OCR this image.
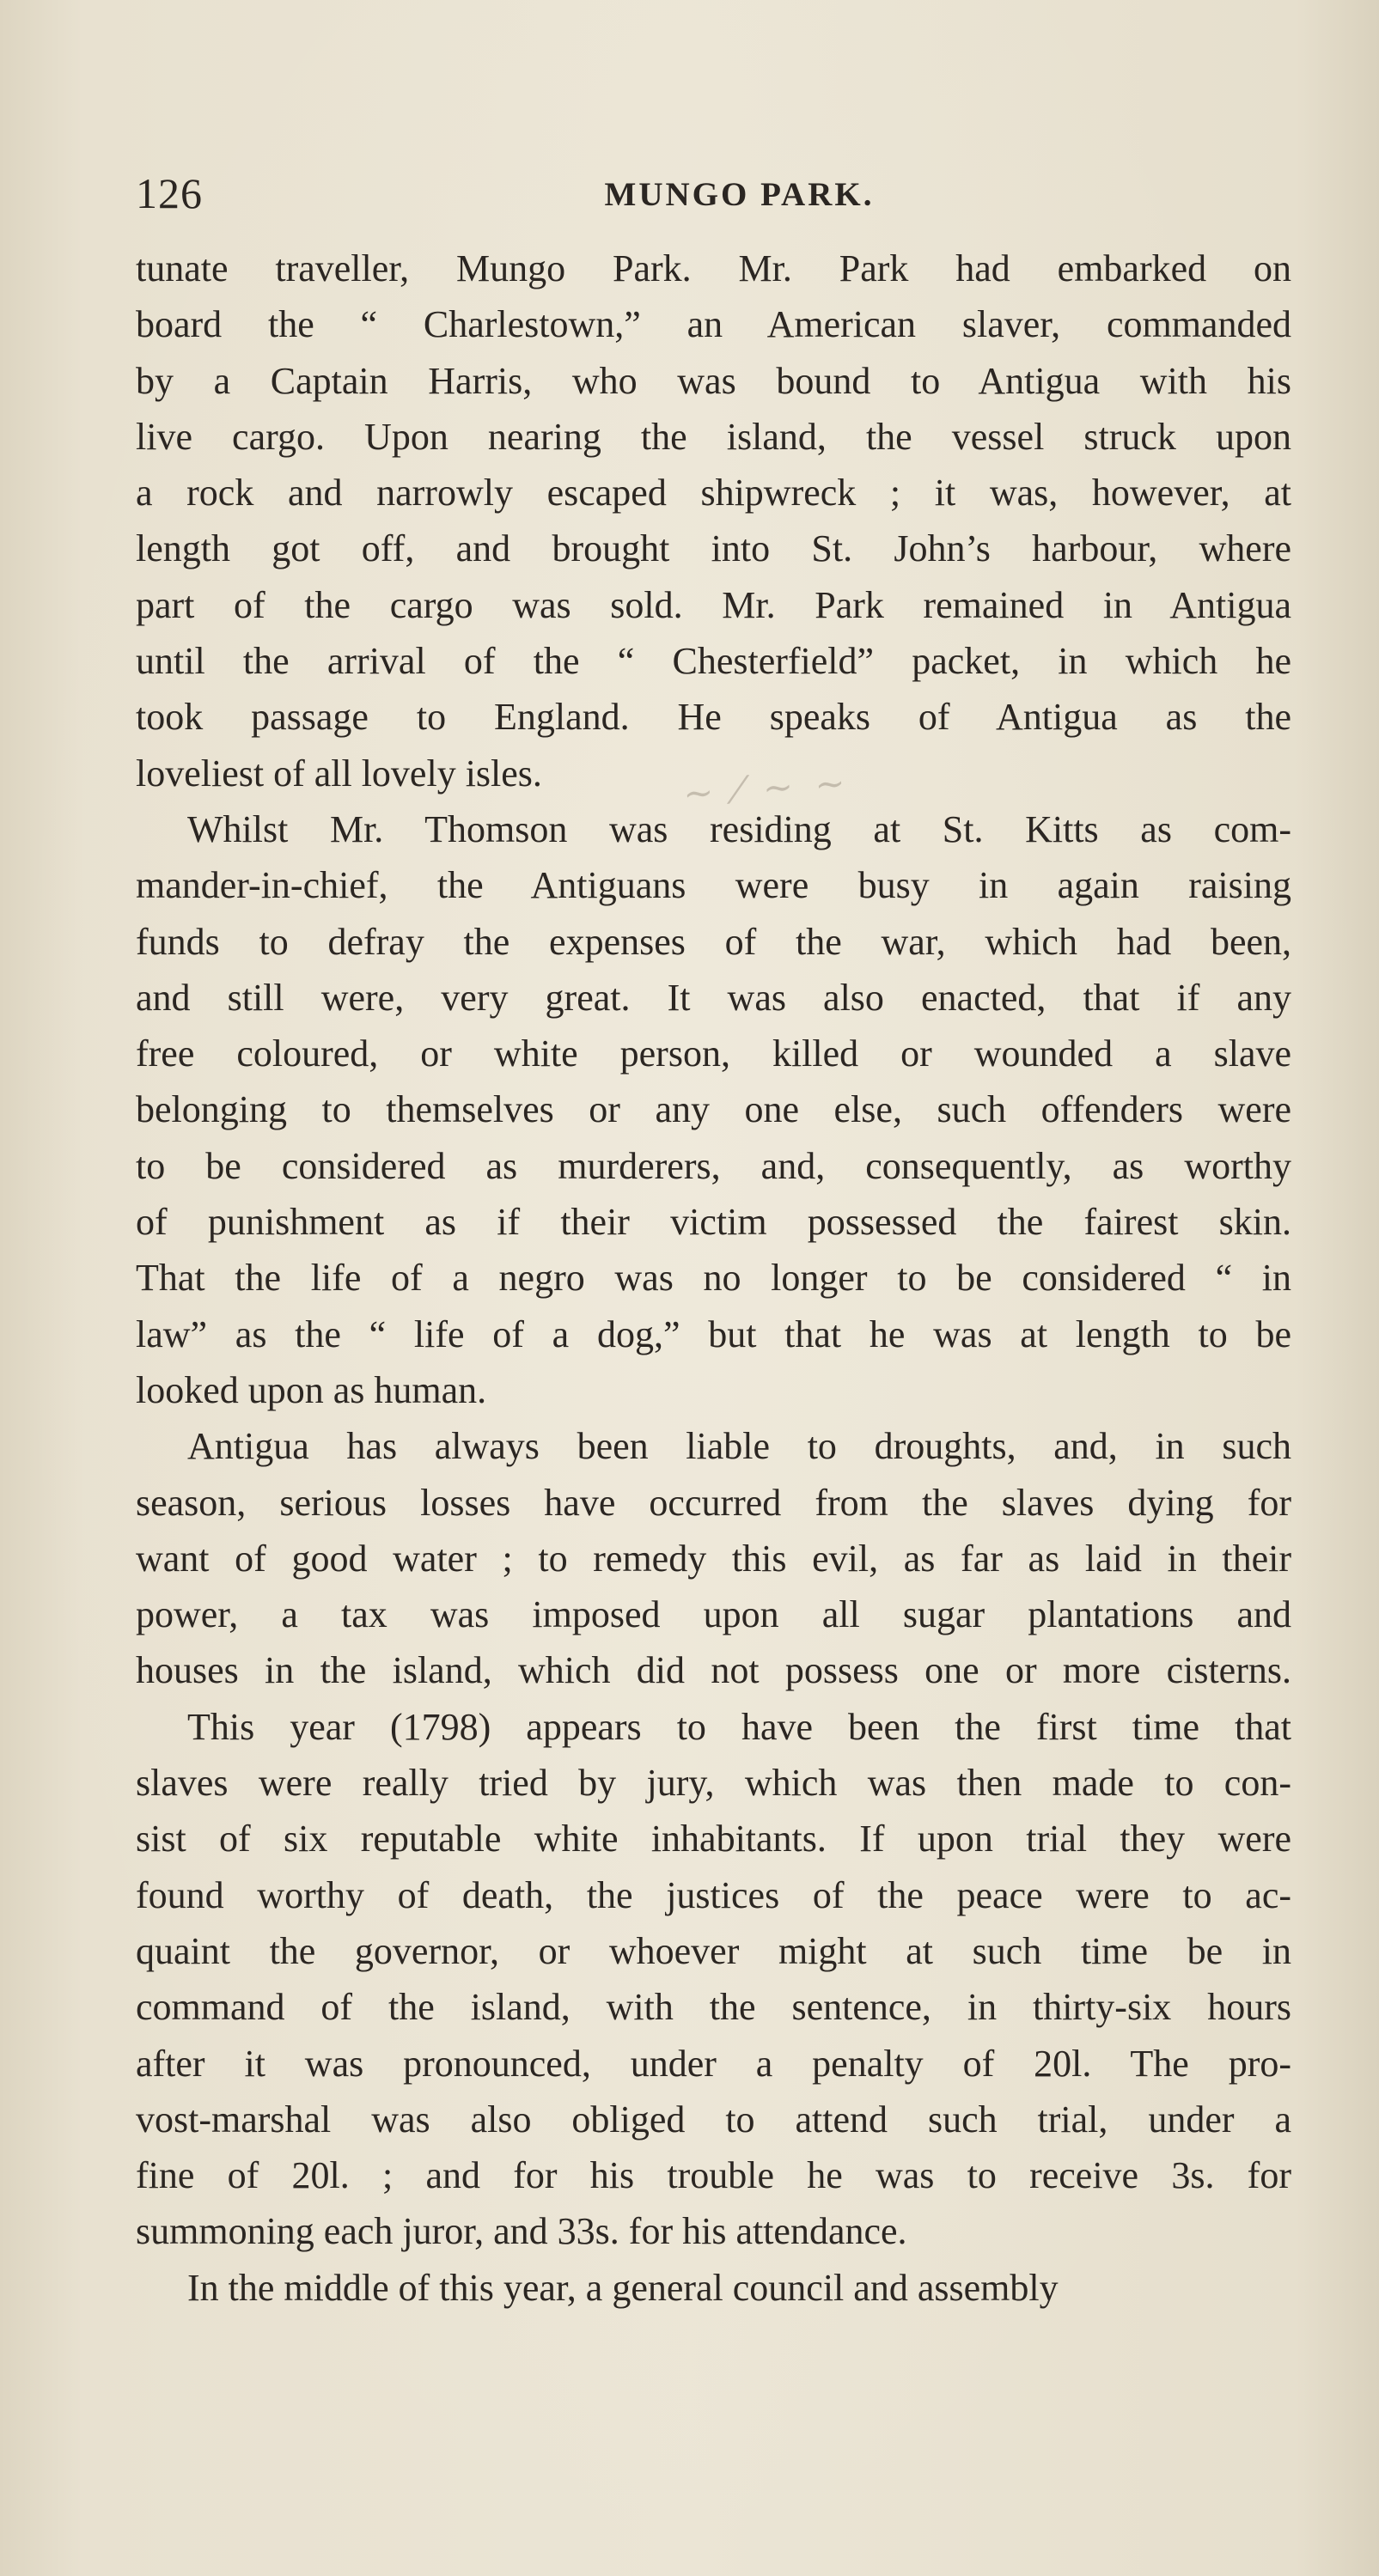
126	MUNGO PARK.
tunate traveller, Mungo Park. Mr. Park had embarked on
board the “ Charlestown,” an American slaver, commanded
by a Captain Harris, who was bound to Antigua with his
live cargo. Upon nearing the island, the vessel struck upon
a rock and narrowly escaped shipwreck ; it was, however, at
length got off, and brought into St. John’s harbour, where
part of the cargo was sold. Mr. Park remained in Antigua
until the arrival of the “ Chesterfield” packet, in which he
took passage to England. He speaks of Antigua as the
loveliest of all lovely isles.
Whilst Mr. Thomson was residing at St. Kitts as com-
mander-in-chief, the Antiguans were busy in again raising
funds to defray the expenses of the war, which had been,
and still were, very great. It was also enacted, that if any
free coloured, or white person, killed or wounded a slave
belonging to themselves or any one else, such offenders were
to be considered as murderers, and, consequently, as worthy
of punishment as if their victim possessed the fairest skin.
That the life of a negro was no longer to be considered “ in
law” as the “ life of a dog,” but that he was at length to be
looked upon as human.
Antigua has always been liable to droughts, and, in such
season, serious losses have occurred from the slaves dying for
want of good water ; to remedy this evil, as far as laid in their
power, a tax was imposed upon all sugar plantations and
houses in the island, which did not possess one or more cisterns.
This year (1798) appears to have been the first time that
slaves were really tried by jury, which was then made to con-
sist of six reputable white inhabitants. If upon trial they were
found worthy of death, the justices of the peace were to ac-
quaint the governor, or whoever might at such time be in
command of the island, with the sentence, in thirty-six hours
after it was pronounced, under a penalty of 20l. The pro-
vost-marshal was also obliged to attend such trial, under a
fine of 20l. ; and for his trouble he was to receive 3s. for
summoning each juror, and 33s. for his attendance.
In the middle of this year, a general council and assembly
~ ⁄ ~ ~
